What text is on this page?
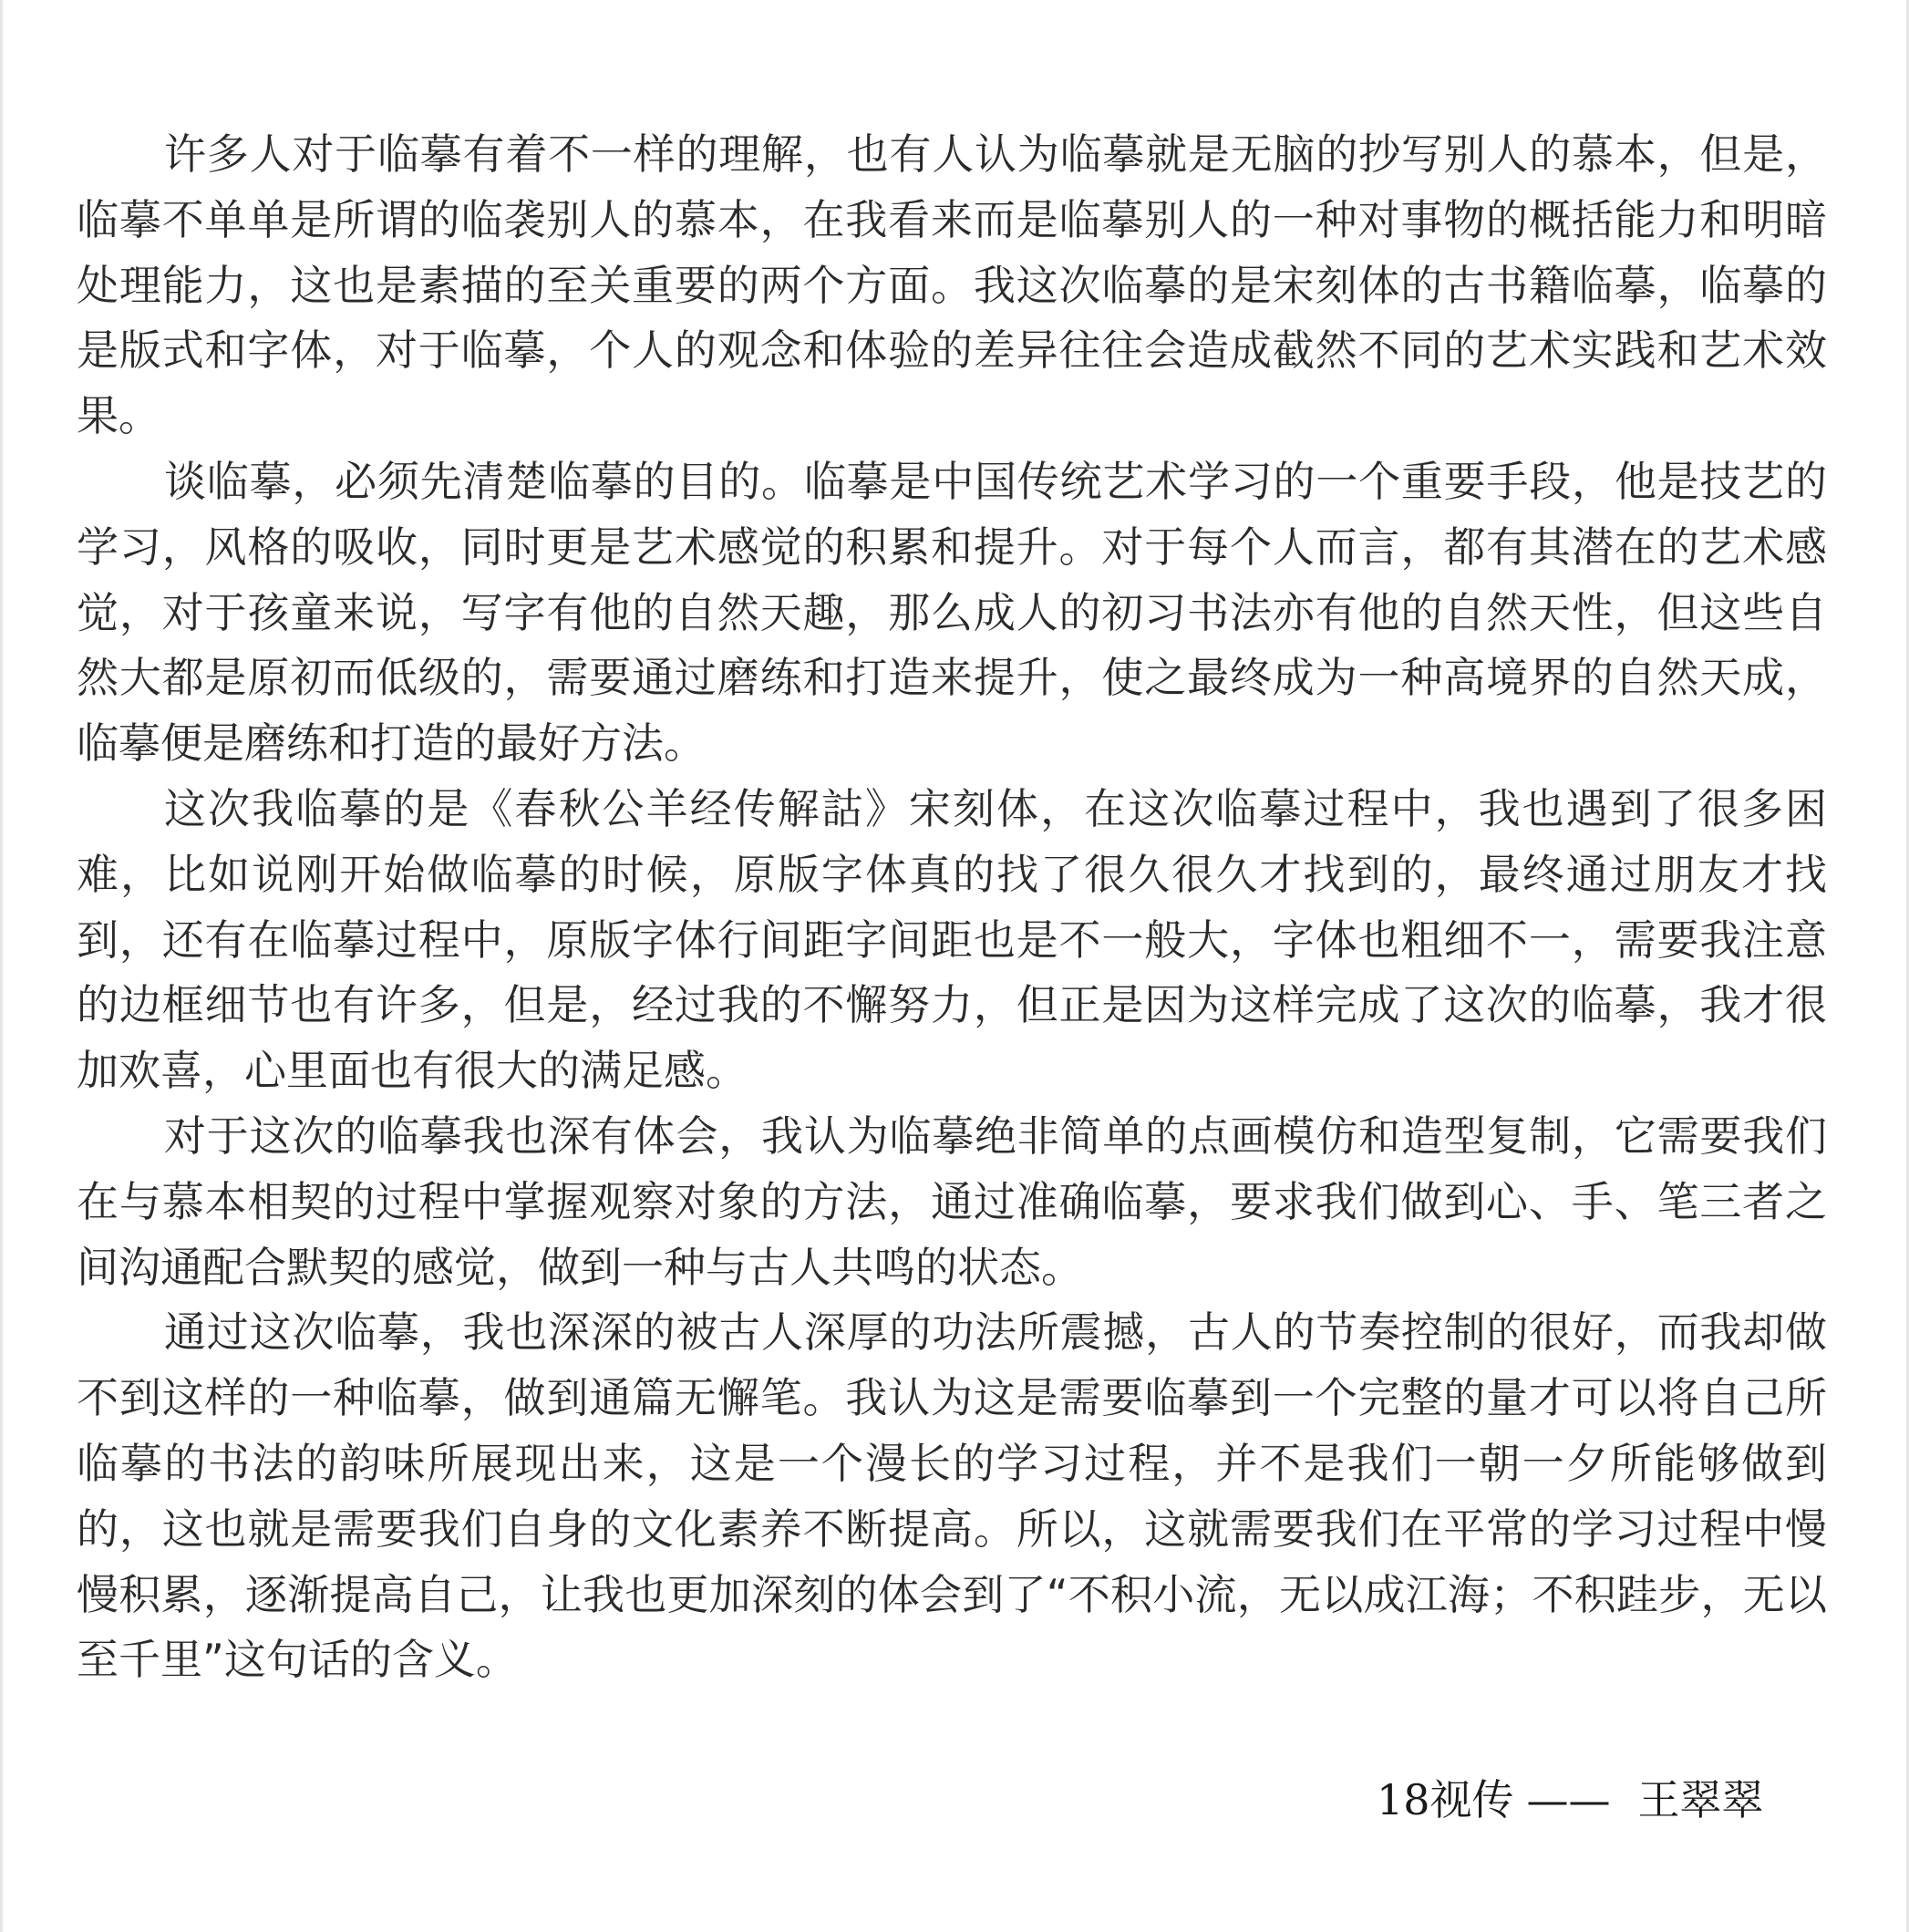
许多人对于临摹有着不一样的理解，也有人认为临摹就是无脑的抄写别人的慕本，但是，临摹不单单是所谓的临袭别人的慕本，在我看来而是临摹别人的一种对事物的概括能力和明暗处理能力，这也是素描的至关重要的两个方面。我这次临摹的是宋刻体的古书籍临摹，临摹的是版式和字体，对于临摹，个人的观念和体验的差异往往会造成截然不同的艺术实践和艺术效果。

谈临摹，必须先清楚临摹的目的。临摹是中国传统艺术学习的一个重要手段，他是技艺的学习，风格的吸收，同时更是艺术感觉的积累和提升。对于每个人而言，都有其潜在的艺术感觉，对于孩童来说，写字有他的自然天趣，那么成人的初习书法亦有他的自然天性，但这些自然大都是原初而低级的，需要通过磨练和打造来提升，使之最终成为一种高境界的自然天成，临摹便是磨练和打造的最好方法。

这次我临摹的是《春秋公羊经传解詁》宋刻体，在这次临摹过程中，我也遇到了很多困难，比如说刚开始做临摹的时候，原版字体真的找了很久很久才找到的，最终通过朋友才找到，还有在临摹过程中，原版字体行间距字间距也是不一般大，字体也粗细不一，需要我注意的边框细节也有许多，但是，经过我的不懈努力，但正是因为这样完成了这次的临摹，我才很加欢喜，心里面也有很大的满足感。

对于这次的临摹我也深有体会，我认为临摹绝非简单的点画模仿和造型复制，它需要我们在与慕本相契的过程中掌握观察对象的方法，通过准确临摹，要求我们做到心、手、笔三者之间沟通配合默契的感觉，做到一种与古人共鸣的状态。

通过这次临摹，我也深深的被古人深厚的功法所震撼，古人的节奏控制的很好，而我却做不到这样的一种临摹，做到通篇无懈笔。我认为这是需要临摹到一个完整的量才可以将自己所临摹的书法的韵味所展现出来，这是一个漫长的学习过程，并不是我们一朝一夕所能够做到的，这也就是需要我们自身的文化素养不断提高。所以，这就需要我们在平常的学习过程中慢慢积累，逐渐提高自己，让我也更加深刻的体会到了“不积小流，无以成江海；不积跬步，无以至千里”这句话的含义。

18视传 —— 王翠翠
